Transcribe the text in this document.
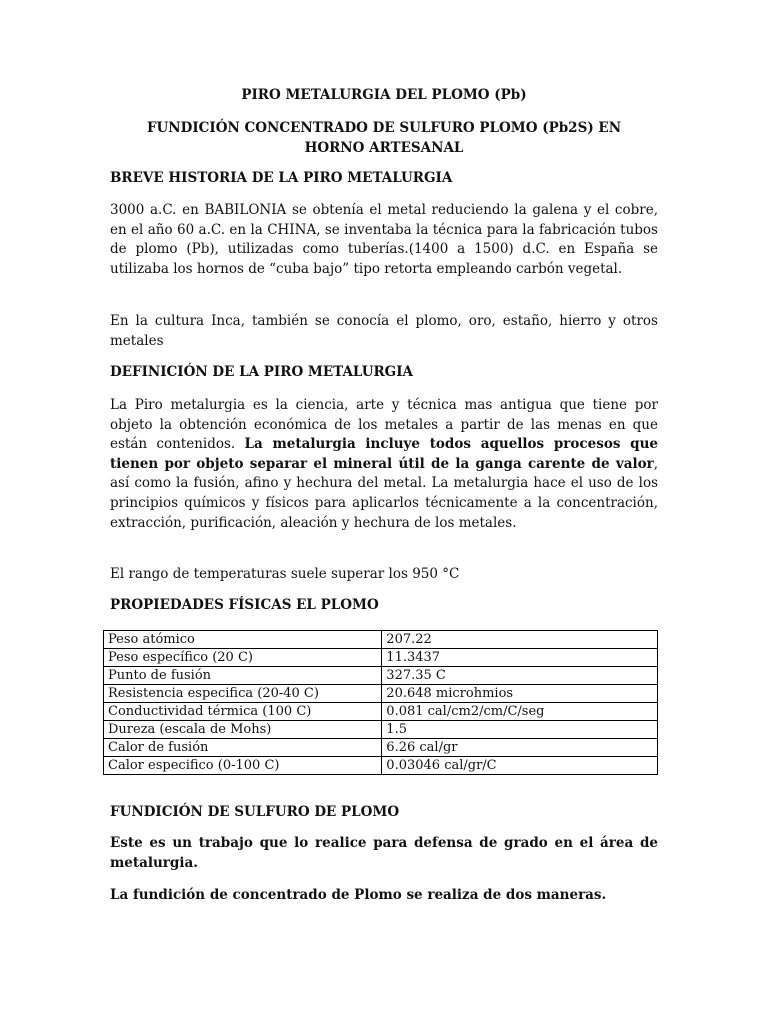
PIRO METALURGIA DEL PLOMO (Pb)
FUNDICIÓN CONCENTRADO DE SULFURO PLOMO (Pb2S) EN
HORNO ARTESANAL
BREVE HISTORIA DE LA PIRO METALURGIA

3000 a.C. en BABILONIA se obtenía el metal reduciendo la galena y el cobre, en el año 60 a.C. en la CHINA, se inventaba la técnica para la fabricación tubos de plomo (Pb), utilizadas como tuberías.(1400 a 1500) d.C. en España se utilizaba los hornos de “cuba bajo” tipo retorta empleando carbón vegetal.

En la cultura Inca, también se conocía el plomo, oro, estaño, hierro y otros metales

DEFINICIÓN DE LA PIRO METALURGIA

La Piro metalurgia es la ciencia, arte y técnica mas antigua que tiene por objeto la obtención económica de los metales a partir de las menas en que están contenidos. La metalurgia incluye todos aquellos procesos que tienen por objeto separar el mineral útil de la ganga carente de valor, así como la fusión, afino y hechura del metal. La metalurgia hace el uso de los principios químicos y físicos para aplicarlos técnicamente a la concentración, extracción, purificación, aleación y hechura de los metales.

El rango de temperaturas suele superar los 950 °C

PROPIEDADES FÍSICAS EL PLOMO
Peso atómico	207.22
Peso específico (20 C)	11.3437
Punto de fusión	327.35 C
Resistencia especifica (20-40 C)	20.648 microhmios
Conductividad térmica (100 C)	0.081 cal/cm2/cm/C/seg
Dureza (escala de Mohs)	1.5
Calor de fusión	6.26 cal/gr
Calor especifico (0-100 C)	0.03046 cal/gr/C
FUNDICIÓN DE SULFURO DE PLOMO

Este es un trabajo que lo realice para defensa de grado en el área de metalurgia.

La fundición de concentrado de Plomo se realiza de dos maneras.
